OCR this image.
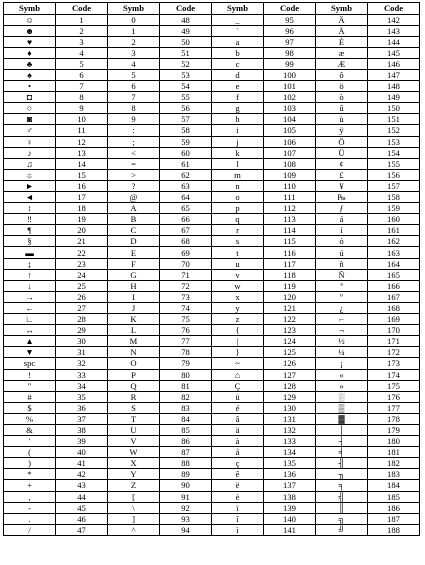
Symb	Code	Symb	Code	Symb	Code	Symb	Code
☺	1	0	48	_	95	Ä	142
☻	2	1	49	`	96	Å	143
♥	3	2	50	a	97	É	144
♦	4	3	51	b	98	æ	145
♣	5	4	52	c	99	Æ	146
♠	6	5	53	d	100	ô	147
•	7	6	54	e	101	ö	148
◘	8	7	55	f	102	ò	149
○	9	8	56	g	103	û	150
◙	10	9	57	h	104	ù	151
♂	11	:	58	i	105	ÿ	152
♀	12	;	59	j	106	Ö	153
♪	13	<	60	k	107	Ü	154
♫	14	=	61	l	108	¢	155
☼	15	>	62	m	109	£	156
►	16	?	63	n	110	¥	157
◄	17	@	64	o	111	₧	158
↕	18	A	65	p	112	ƒ	159
‼	19	B	66	q	113	á	160
¶	20	C	67	r	114	í	161
§	21	D	68	s	115	ó	162
▬	22	E	69	t	116	ú	163
↨	23	F	70	u	117	ñ	164
↑	24	G	71	v	118	Ñ	165
↓	25	H	72	w	119	ª	166
→	26	I	73	x	120	º	167
←	27	J	74	y	121	¿	168
∟	28	K	75	z	122	⌐	169
↔	29	L	76	{	123	¬	170
▲	30	M	77	|	124	½	171
▼	31	N	78	}	125	¼	172
spc	32	O	79	~	126	¡	173
!	33	P	80	⌂	127	«	174
"	34	Q	81	Ç	128	»	175
#	35	R	82	ü	129	░	176
$	36	S	83	é	130	▒	177
%	37	T	84	â	131	▓	178
&	38	U	85	ä	132	│	179
'	39	V	86	à	133	┤	180
(	40	W	87	å	134	╡	181
)	41	X	88	ç	135	╢	182
*	42	Y	89	ê	136	╖	183
+	43	Z	90	ë	137	╕	184
,	44	[	91	è	138	╣	185
-	45	\	92	ï	139	║	186
.	46	]	93	î	140	╗	187
/	47	^	94	ì	141	╝	188
